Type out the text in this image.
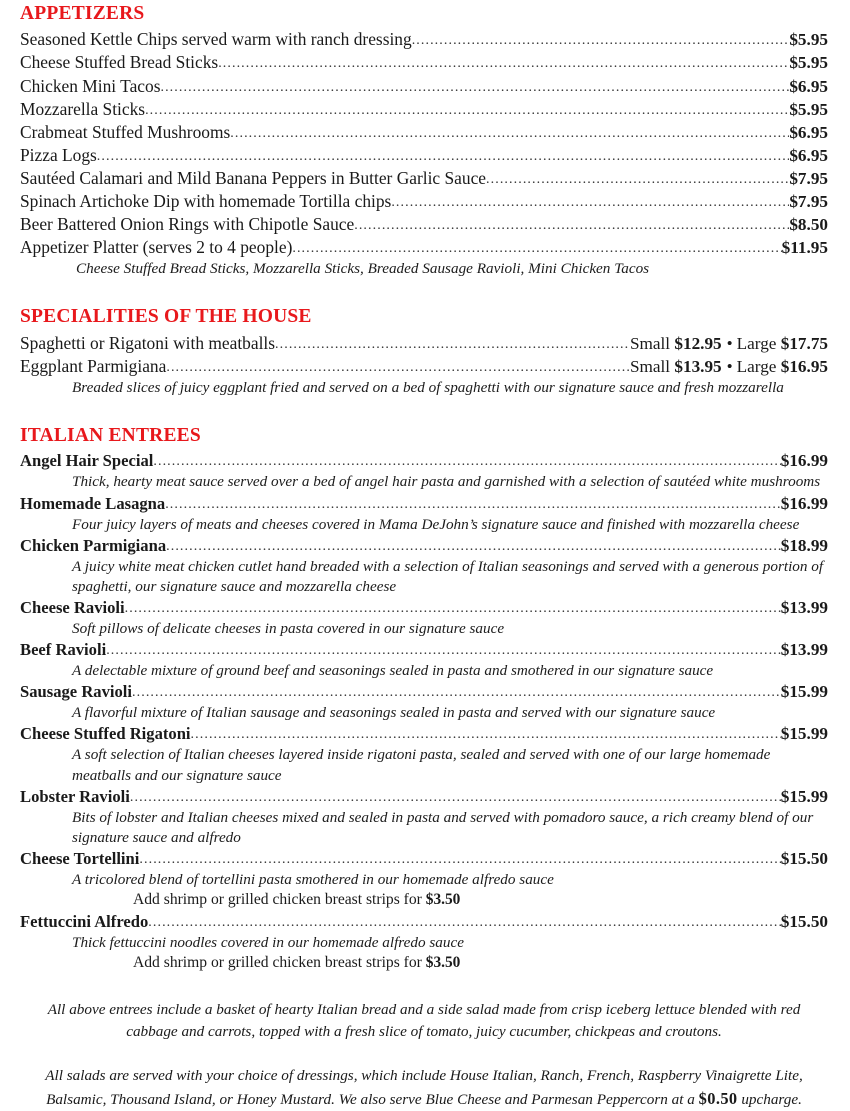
APPETIZERS
Seasoned Kettle Chips served warm with ranch dressing .....	$5.95
Cheese Stuffed Bread Sticks .....	$5.95
Chicken Mini Tacos .....	$6.95
Mozzarella Sticks .....	$5.95
Crabmeat Stuffed Mushrooms .....	$6.95
Pizza Logs .....	$6.95
Sautéed Calamari and Mild Banana Peppers in Butter Garlic Sauce .....	$7.95
Spinach Artichoke Dip with homemade Tortilla chips .....	$7.95
Beer Battered Onion Rings with Chipotle Sauce .....	$8.50
Appetizer Platter (serves 2 to 4 people) .....	$11.95
Cheese Stuffed Bread Sticks, Mozzarella Sticks, Breaded Sausage Ravioli, Mini Chicken Tacos
SPECIALITIES OF THE HOUSE
Spaghetti or Rigatoni with meatballs .....	Small $12.95 • Large $17.75
Eggplant Parmigiana .....	Small $13.95 • Large $16.95
Breaded slices of juicy eggplant fried and served on a bed of spaghetti with our signature sauce and fresh mozzarella
ITALIAN ENTREES
Angel Hair Special .....	$16.99
Thick, hearty meat sauce served over a bed of angel hair pasta and garnished with a selection of sautéed white mushrooms
Homemade Lasagna .....	$16.99
Four juicy layers of meats and cheeses covered in Mama DeJohn’s signature sauce and finished with mozzarella cheese
Chicken Parmigiana .....	$18.99
A juicy white meat chicken cutlet hand breaded with a selection of Italian seasonings and served with a generous portion of spaghetti, our signature sauce and mozzarella cheese
Cheese Ravioli .....	$13.99
Soft pillows of delicate cheeses in pasta covered in our signature sauce
Beef Ravioli .....	$13.99
A delectable mixture of ground beef and seasonings sealed in pasta and smothered in our signature sauce
Sausage Ravioli .....	$15.99
A flavorful mixture of Italian sausage and seasonings sealed in pasta and served with our signature sauce
Cheese Stuffed Rigatoni .....	$15.99
A soft selection of Italian cheeses layered inside rigatoni pasta, sealed and served with one of our large homemade meatballs and our signature sauce
Lobster Ravioli .....	$15.99
Bits of lobster and Italian cheeses mixed and sealed in pasta and served with pomadoro sauce, a rich creamy blend of our signature sauce and alfredo
Cheese Tortellini .....	$15.50
A tricolored blend of tortellini pasta smothered in our homemade alfredo sauce
Add shrimp or grilled chicken breast strips for $3.50
Fettuccini Alfredo .....	$15.50
Thick fettuccini noodles covered in our homemade alfredo sauce
Add shrimp or grilled chicken breast strips for $3.50
All above entrees include a basket of hearty Italian bread and a side salad made from crisp iceberg lettuce blended with red cabbage and carrots, topped with a fresh slice of tomato, juicy cucumber, chickpeas and croutons.
All salads are served with your choice of dressings, which include House Italian, Ranch, French, Raspberry Vinaigrette Lite, Balsamic, Thousand Island, or Honey Mustard. We also serve Blue Cheese and Parmesan Peppercorn at a $0.50 upcharge.
